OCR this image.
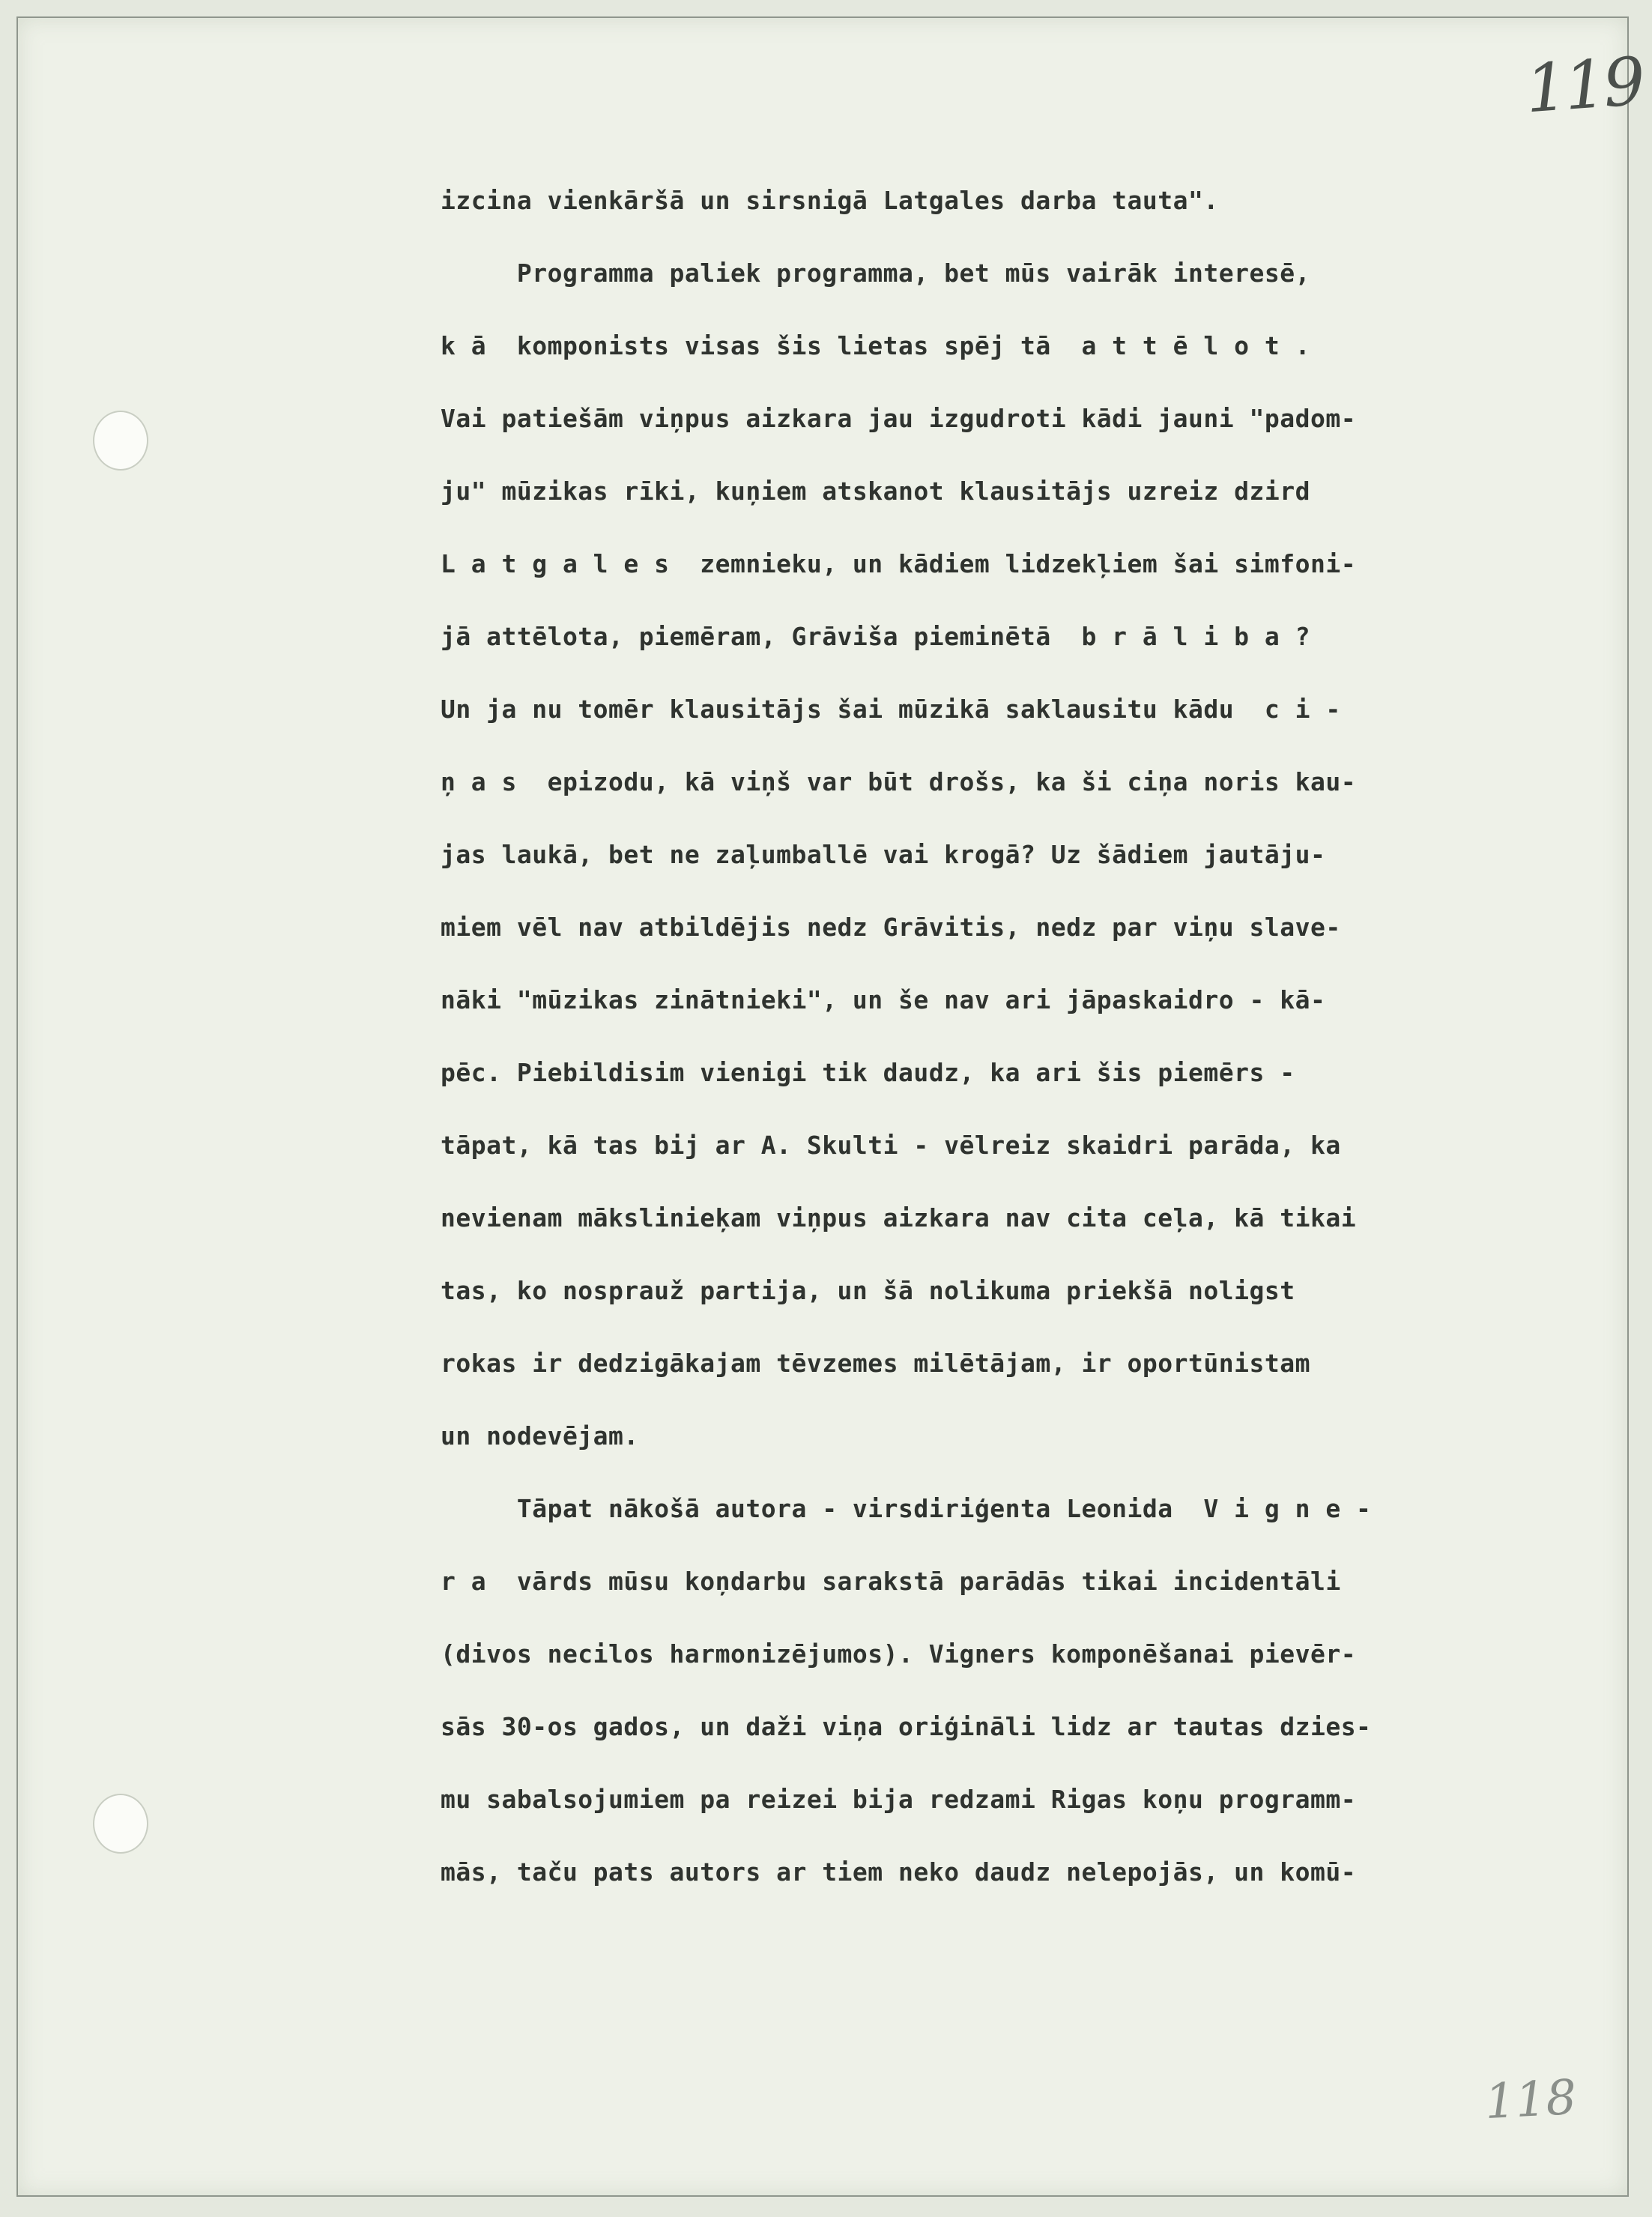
119
izcina vienkāršā un sirsnigā Latgales darba tauta".
Programma paliek programma, bet mūs vairāk interesē,
k ā  komponists visas šis lietas spēj tā  a t t ē l o t .
Vai patiešām viņpus aizkara jau izgudroti kādi jauni "padom-
ju" mūzikas rīki, kuņiem atskanot klausitājs uzreiz dzird
L a t g a l e s  zemnieku, un kādiem lidzekļiem šai simfoni-
jā attēlota, piemēram, Grāviša pieminētā  b r ā l i b a ?
Un ja nu tomēr klausitājs šai mūzikā saklausitu kādu  c i -
ņ a s  epizodu, kā viņš var būt drošs, ka ši ciņa noris kau-
jas laukā, bet ne zaļumballē vai krogā? Uz šādiem jautāju-
miem vēl nav atbildējis nedz Grāvitis, nedz par viņu slave-
nāki "mūzikas zinātnieki", un še nav ari jāpaskaidro - kā-
pēc. Piebildisim vienigi tik daudz, ka ari šis piemērs -
tāpat, kā tas bij ar A. Skulti - vēlreiz skaidri parāda, ka
nevienam mākslinieķam viņpus aizkara nav cita ceļa, kā tikai
tas, ko nosprauž partija, un šā nolikuma priekšā noligst
rokas ir dedzigākajam tēvzemes milētājam, ir oportūnistam
un nodevējam.
Tāpat nākošā autora - virsdiriģenta Leonida  V i g n e -
r a  vārds mūsu koņdarbu sarakstā parādās tikai incidentāli
(divos necilos harmonizējumos). Vigners komponēšanai pievēr-
sās 30-os gados, un daži viņa oriģināli lidz ar tautas dzies-
mu sabalsojumiem pa reizei bija redzami Rigas koņu programm-
mās, taču pats autors ar tiem neko daudz nelepojās, un komū-
118
